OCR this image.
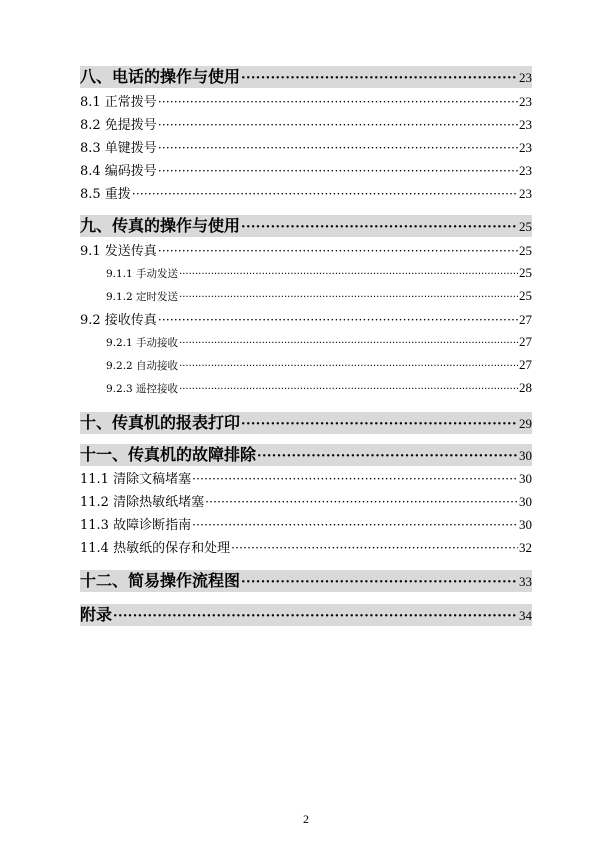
八、电话的操作与使用 ·····	23
8.1 正常拨号 ·····	23
8.2 免提拨号 ·····	23
8.3 单键拨号 ·····	23
8.4 编码拨号 ·····	23
8.5 重拨 ·····	23
九、传真的操作与使用 ·····	25
9.1 发送传真 ·····	25
9.1.1 手动发送 ·····	25
9.1.2 定时发送 ·····	25
9.2 接收传真 ·····	27
9.2.1 手动接收 ·····	27
9.2.2 自动接收 ·····	27
9.2.3 遥控接收 ·····	28
十、传真机的报表打印 ·····	29
十一、传真机的故障排除 ·····	30
11.1 清除文稿堵塞 ·····	30
11.2 清除热敏纸堵塞 ·····	30
11.3 故障诊断指南 ·····	30
11.4 热敏纸的保存和处理 ·····	32
十二、简易操作流程图 ·····	33
附录 ·····	34
2
